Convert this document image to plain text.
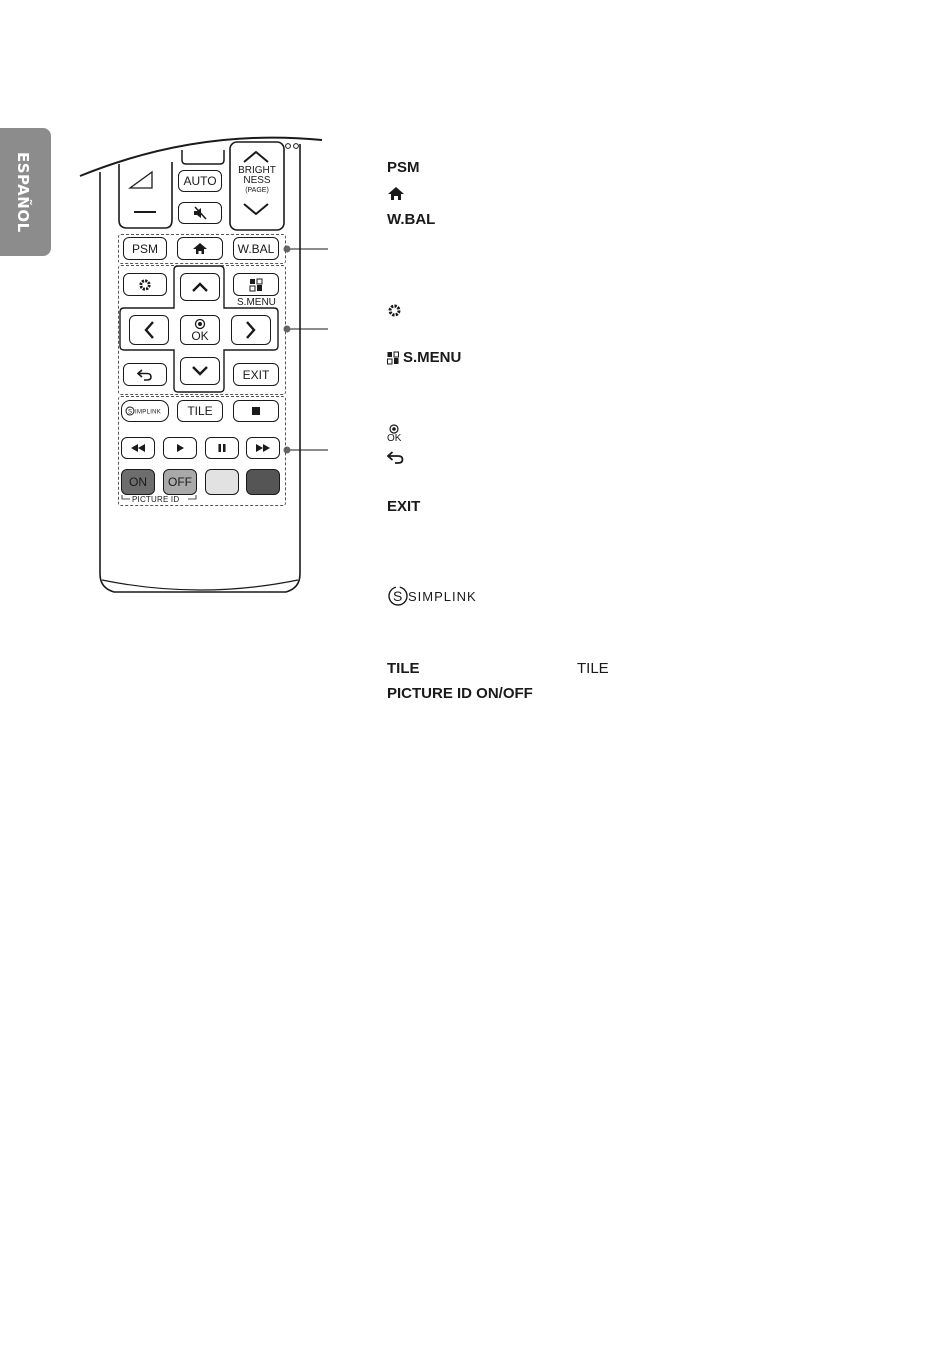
ESPAÑOL	AUTO
BRIGHT
NESS
(PAGE)
PSM	W.BAL
S.MENU
OK
EXIT
S IMPLINK TILE
ON OFF
PICTURE ID
PSM
W.BAL
S.MENU
OK
EXIT
S SIMPLINK
TILE	TILE
PICTURE ID ON/OFF
